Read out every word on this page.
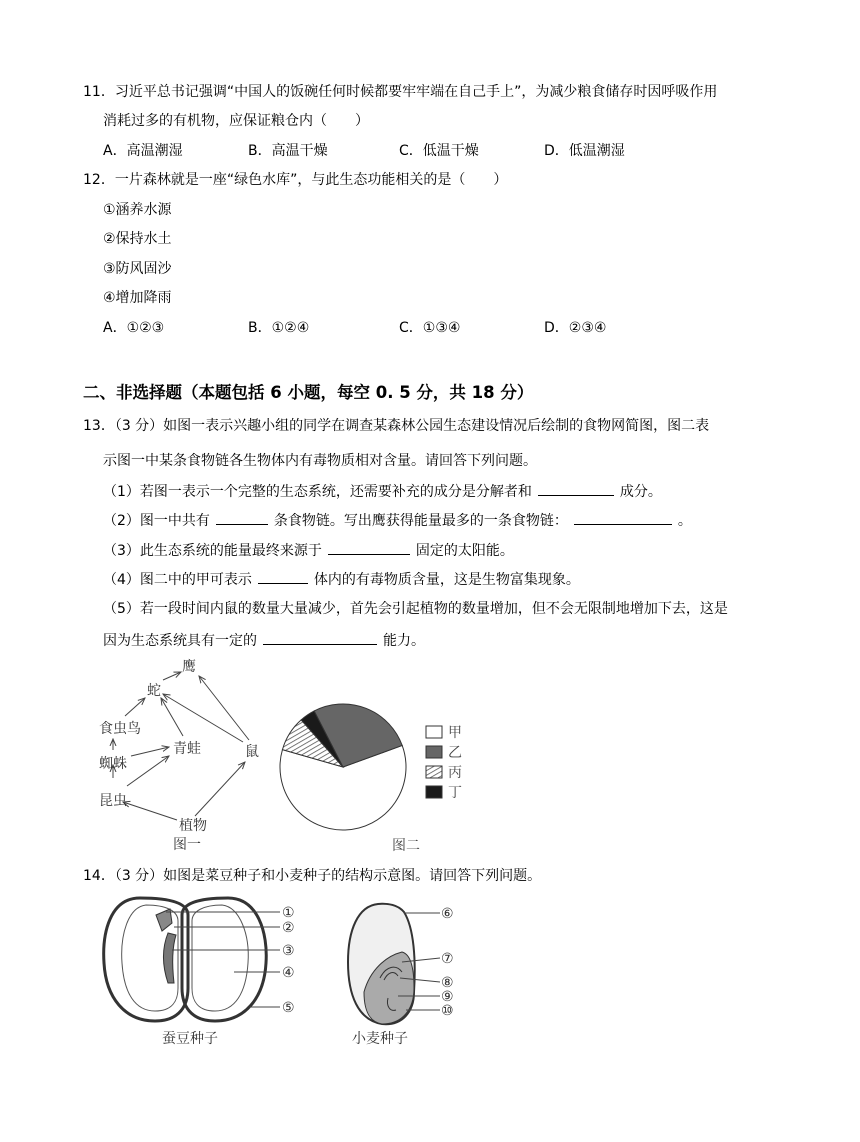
11．习近平总书记强调“中国人的饭碗任何时候都要牢牢端在自己手上”，为减少粮食储存时因呼吸作用
消耗过多的有机物，应保证粮仓内（　　）
A．高温潮湿	B．高温干燥	C．低温干燥	D．低温潮湿
12．一片森林就是一座“绿色水库”，与此生态功能相关的是（　　）
①涵养水源
②保持水土
③防风固沙
④增加降雨
A．①②③	B．①②④	C．①③④	D．②③④
二、非选择题（本题包括 6 小题，每空 0. 5 分，共 18 分）
13．（3 分）如图一表示兴趣小组的同学在调查某森林公园生态建设情况后绘制的食物网简图，图二表
示图一中某条食物链各生物体内有毒物质相对含量。请回答下列问题。
（1）若图一表示一个完整的生态系统，还需要补充的成分是分解者和	成分。
（2）图一中共有	条食物链。写出鹰获得能量最多的一条食物链：	。
（3）此生态系统的能量最终来源于	固定的太阳能。
（4）图二中的甲可表示	体内的有毒物质含量，这是生物富集现象。
（5）若一段时间内鼠的数量大量减少，首先会引起植物的数量增加，但不会无限制地增加下去，这是
因为生态系统具有一定的	能力。
鹰
蛇
食虫鸟
青蛙	鼠
蜘蛛
昆虫
植物
图一
甲
乙
丙
丁
图二
14．（3 分）如图是菜豆种子和小麦种子的结构示意图。请回答下列问题。
①
②
③
④
⑤
蚕豆种子
⑥
⑦
⑧
⑨
⑩
小麦种子
